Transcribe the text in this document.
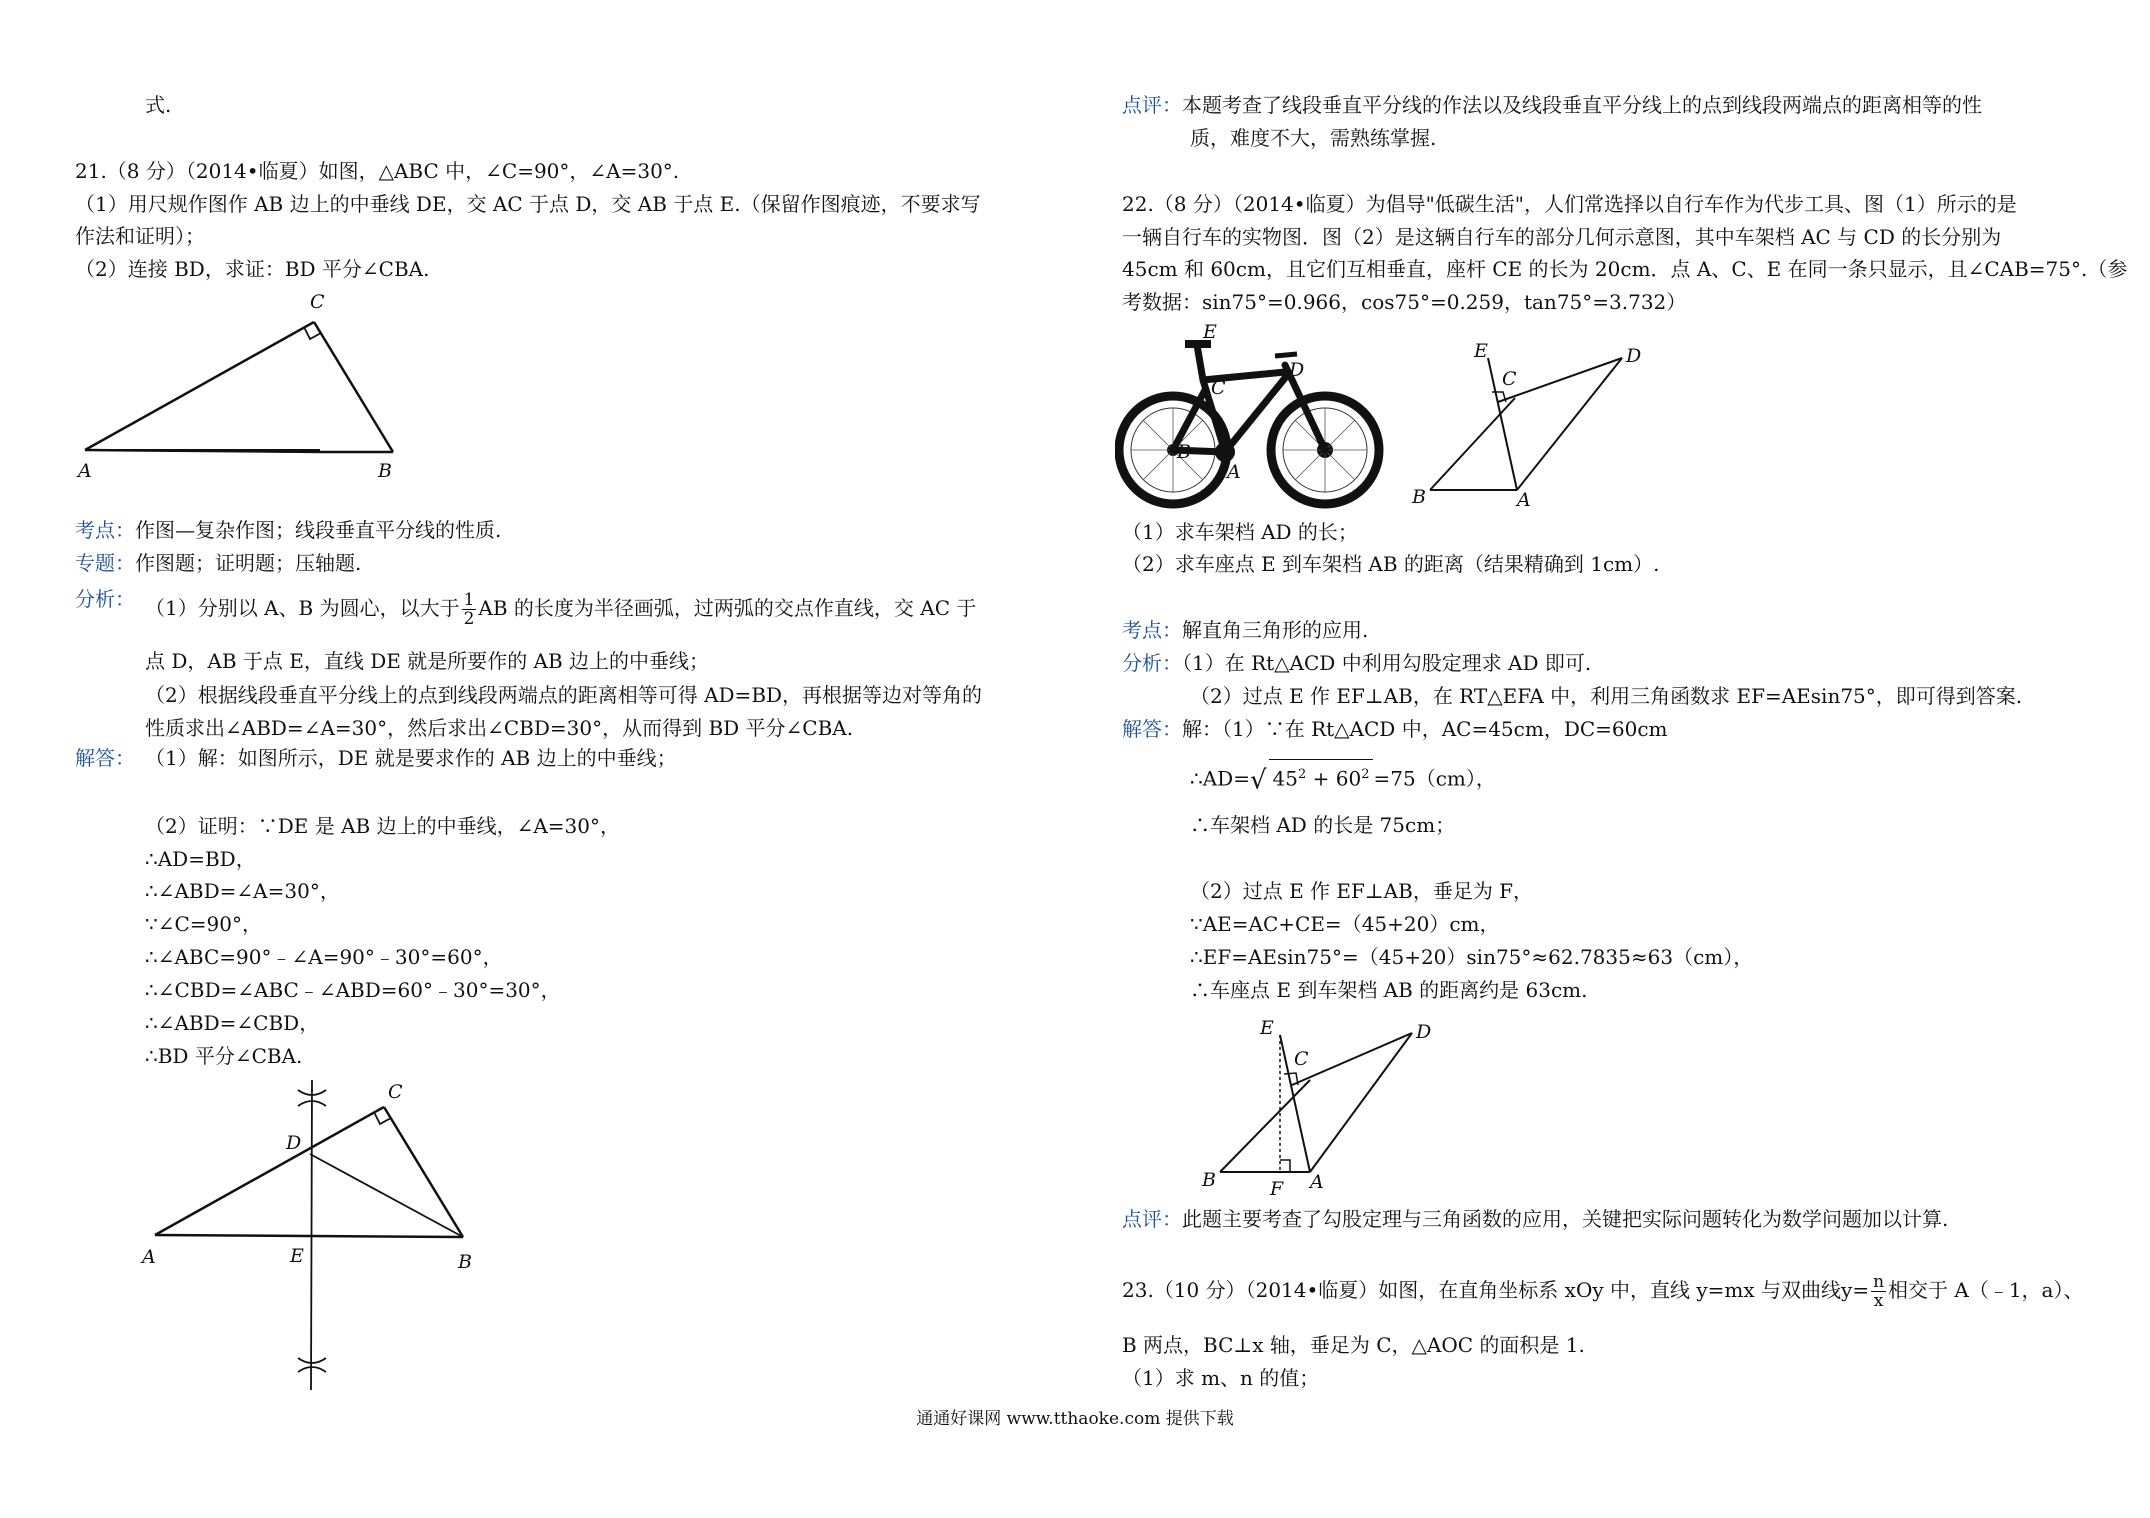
式.
21.（8 分）（2014•临夏）如图，△ABC 中，∠C=90°，∠A=30°.
（1）用尺规作图作 AB 边上的中垂线 DE，交 AC 于点 D，交 AB 于点 E.（保留作图痕迹，不要求写
作法和证明）；
（2）连接 BD，求证：BD 平分∠CBA.
C
A	B
考点：作图—复杂作图；线段垂直平分线的性质.
专题：作图题；证明题；压轴题.
分析： （1）分别以 A、B 为圆心，以大于 $\frac{1}{2}$ AB 的长度为半径画弧，过两弧的交点作直线，交 AC 于
点 D，AB 于点 E，直线 DE 就是所要作的 AB 边上的中垂线；
（2）根据线段垂直平分线上的点到线段两端点的距离相等可得 AD=BD，再根据等边对等角的
性质求出∠ABD=∠A=30°，然后求出∠CBD=30°，从而得到 BD 平分∠CBA.
解答： （1）解：如图所示，DE 就是要求作的 AB 边上的中垂线；
（2）证明：∵DE 是 AB 边上的中垂线，∠A=30°，
∴AD=BD，
∴∠ABD=∠A=30°，
∵∠C=90°，
∴∠ABC=90°﹣∠A=90°﹣30°=60°，
∴∠CBD=∠ABC﹣∠ABD=60°﹣30°=30°，
∴∠ABD=∠CBD，
∴BD 平分∠CBA.
C
D
A	E	B
点评：本题考查了线段垂直平分线的作法以及线段垂直平分线上的点到线段两端点的距离相等的性
质，难度不大，需熟练掌握.
22.（8 分）（2014•临夏）为倡导"低碳生活"，人们常选择以自行车作为代步工具、图（1）所示的是
一辆自行车的实物图．图（2）是这辆自行车的部分几何示意图，其中车架档 AC 与 CD 的长分别为
45cm 和 60cm，且它们互相垂直，座杆 CE 的长为 20cm．点 A、C、E 在同一条只显示，且∠CAB=75°.（参
考数据：sin75°=0.966，cos75°=0.259，tan75°=3.732）
E
C
D
B
A
E
C
D
B	A
（1）求车架档 AD 的长；
（2）求车座点 E 到车架档 AB 的距离（结果精确到 1cm）.
考点：解直角三角形的应用.
分析：（1）在 Rt△ACD 中利用勾股定理求 AD 即可.
（2）过点 E 作 EF⊥AB，在 RT△EFA 中，利用三角函数求 EF=AEsin75°，即可得到答案.
解答：解：（1）∵在 Rt△ACD 中，AC=45cm，DC=60cm
∴AD=√ $45^2 + 60^2 =75(cm)$，
∴车架档 AD 的长是 75cm；
（2）过点 E 作 EF⊥AB，垂足为 F，
∵AE=AC+CE=（45+20）cm，
∴EF=AEsin75°=（45+20）sin75°≈62.7835≈63（cm），
∴车座点 E 到车架档 AB 的距离约是 63cm.
E
C
D
B	F A
点评：此题主要考查了勾股定理与三角函数的应用，关键把实际问题转化为数学问题加以计算.
23.（10 分）（2014•临夏）如图，在直角坐标系 xOy 中，直线 y=mx 与双曲线$y= \frac{n}{x}$ 相交于 A（﹣1，a）、
B 两点，BC⊥x 轴，垂足为 C，△AOC 的面积是 1.
（1）求 m、n 的值；
通通好课网 www.tthaoke.com 提供下载
